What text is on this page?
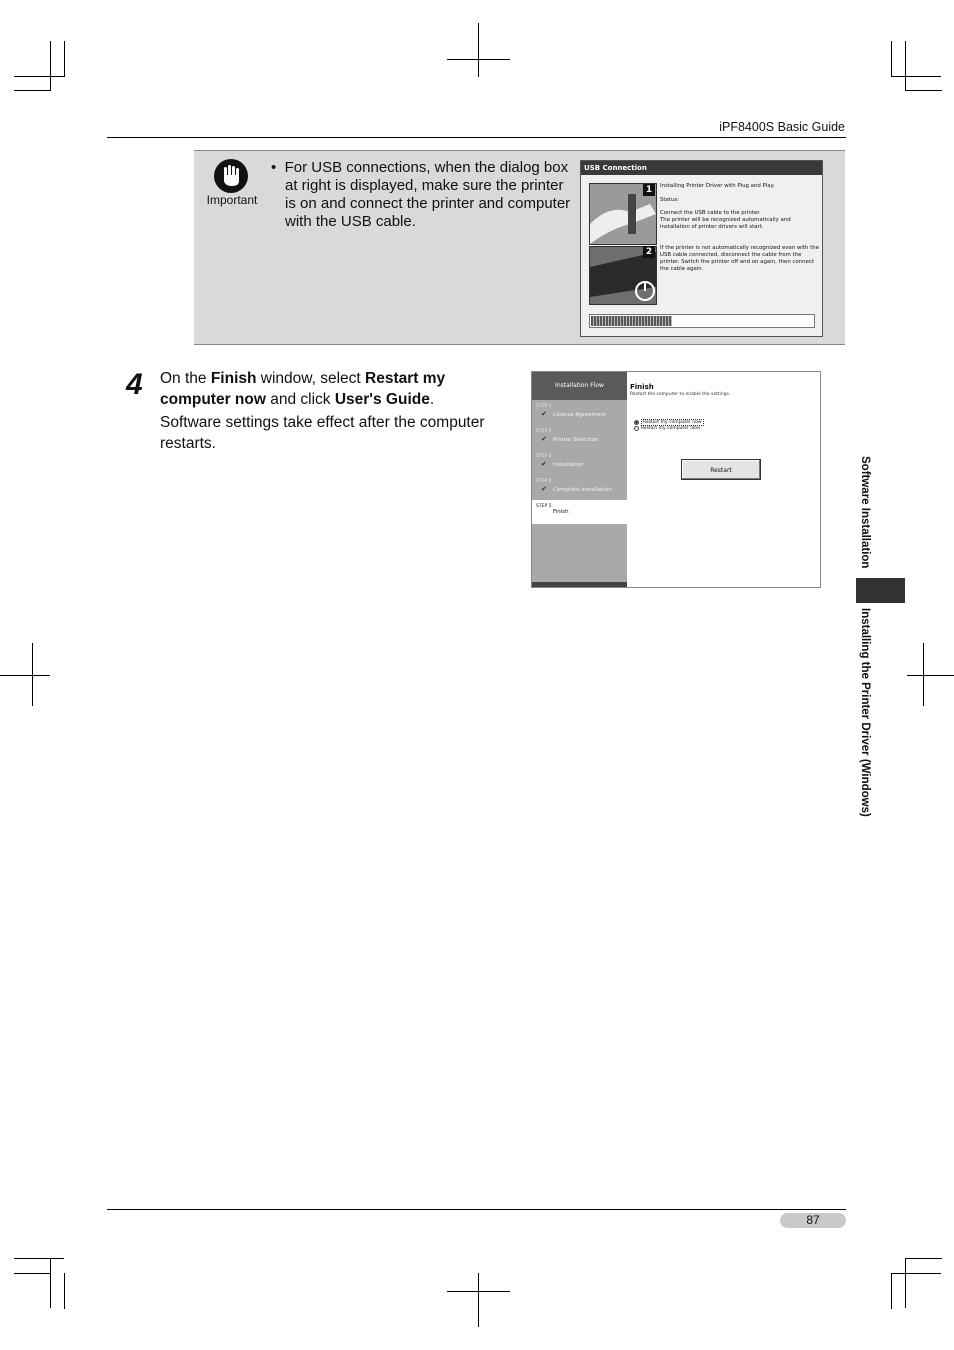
iPF8400S Basic Guide
Important
• For USB connections, when the dialog box at right is displayed, make sure the printer is on and connect the printer and computer with the USB cable.
USB Connection
1
2
Installing Printer Driver with Plug and Play.
Status:
Connect the USB cable to the printer.
The printer will be recognized automatically and installation of printer drivers will start.
If the printer is not automatically recognized even with the USB cable connected, disconnect the cable from the printer. Switch the printer off and on again, then connect the cable again.
4 On the Finish window, select Restart my computer now and click User's Guide.

Software settings take effect after the computer restarts.

Installation Flow
STEP 1
✔ License Agreement
STEP 2
✔ Printer Selection
STEP 3
✔ Installation
STEP 4
✔ Complete Installation
STEP 5
Finish
Finish
Restart the computer to enable the settings.
Restart my computer now
Restart my computer later
Restart	Software Installation
Installing the Printer Driver (Windows)
87
